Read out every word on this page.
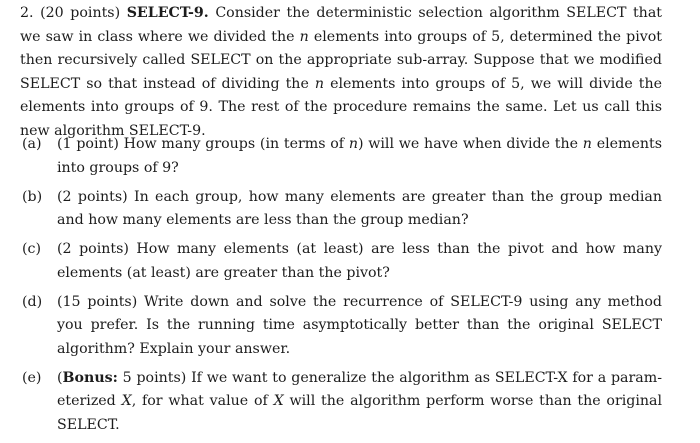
2. (20 points) SELECT-9. Consider the deterministic selection algorithm SELECT that we saw in class where we divided the n elements into groups of 5, determined the pivot then recursively called SELECT on the appropriate sub-array. Suppose that we modified SELECT so that instead of dividing the n elements into groups of 5, we will divide the elements into groups of 9. The rest of the procedure remains the same. Let us call this new algorithm SELECT-9.
(a) (1 point) How many groups (in terms of n) will we have when divide the n elements into groups of 9?
(b) (2 points) In each group, how many elements are greater than the group median and how many elements are less than the group median?
(c) (2 points) How many elements (at least) are less than the pivot and how many elements (at least) are greater than the pivot?
(d) (15 points) Write down and solve the recurrence of SELECT-9 using any method you prefer. Is the running time asymptotically better than the original SELECT algorithm? Explain your answer.
(e) (Bonus: 5 points) If we want to generalize the algorithm as SELECT-X for a param- eterized X, for what value of X will the algorithm perform worse than the original SELECT.
